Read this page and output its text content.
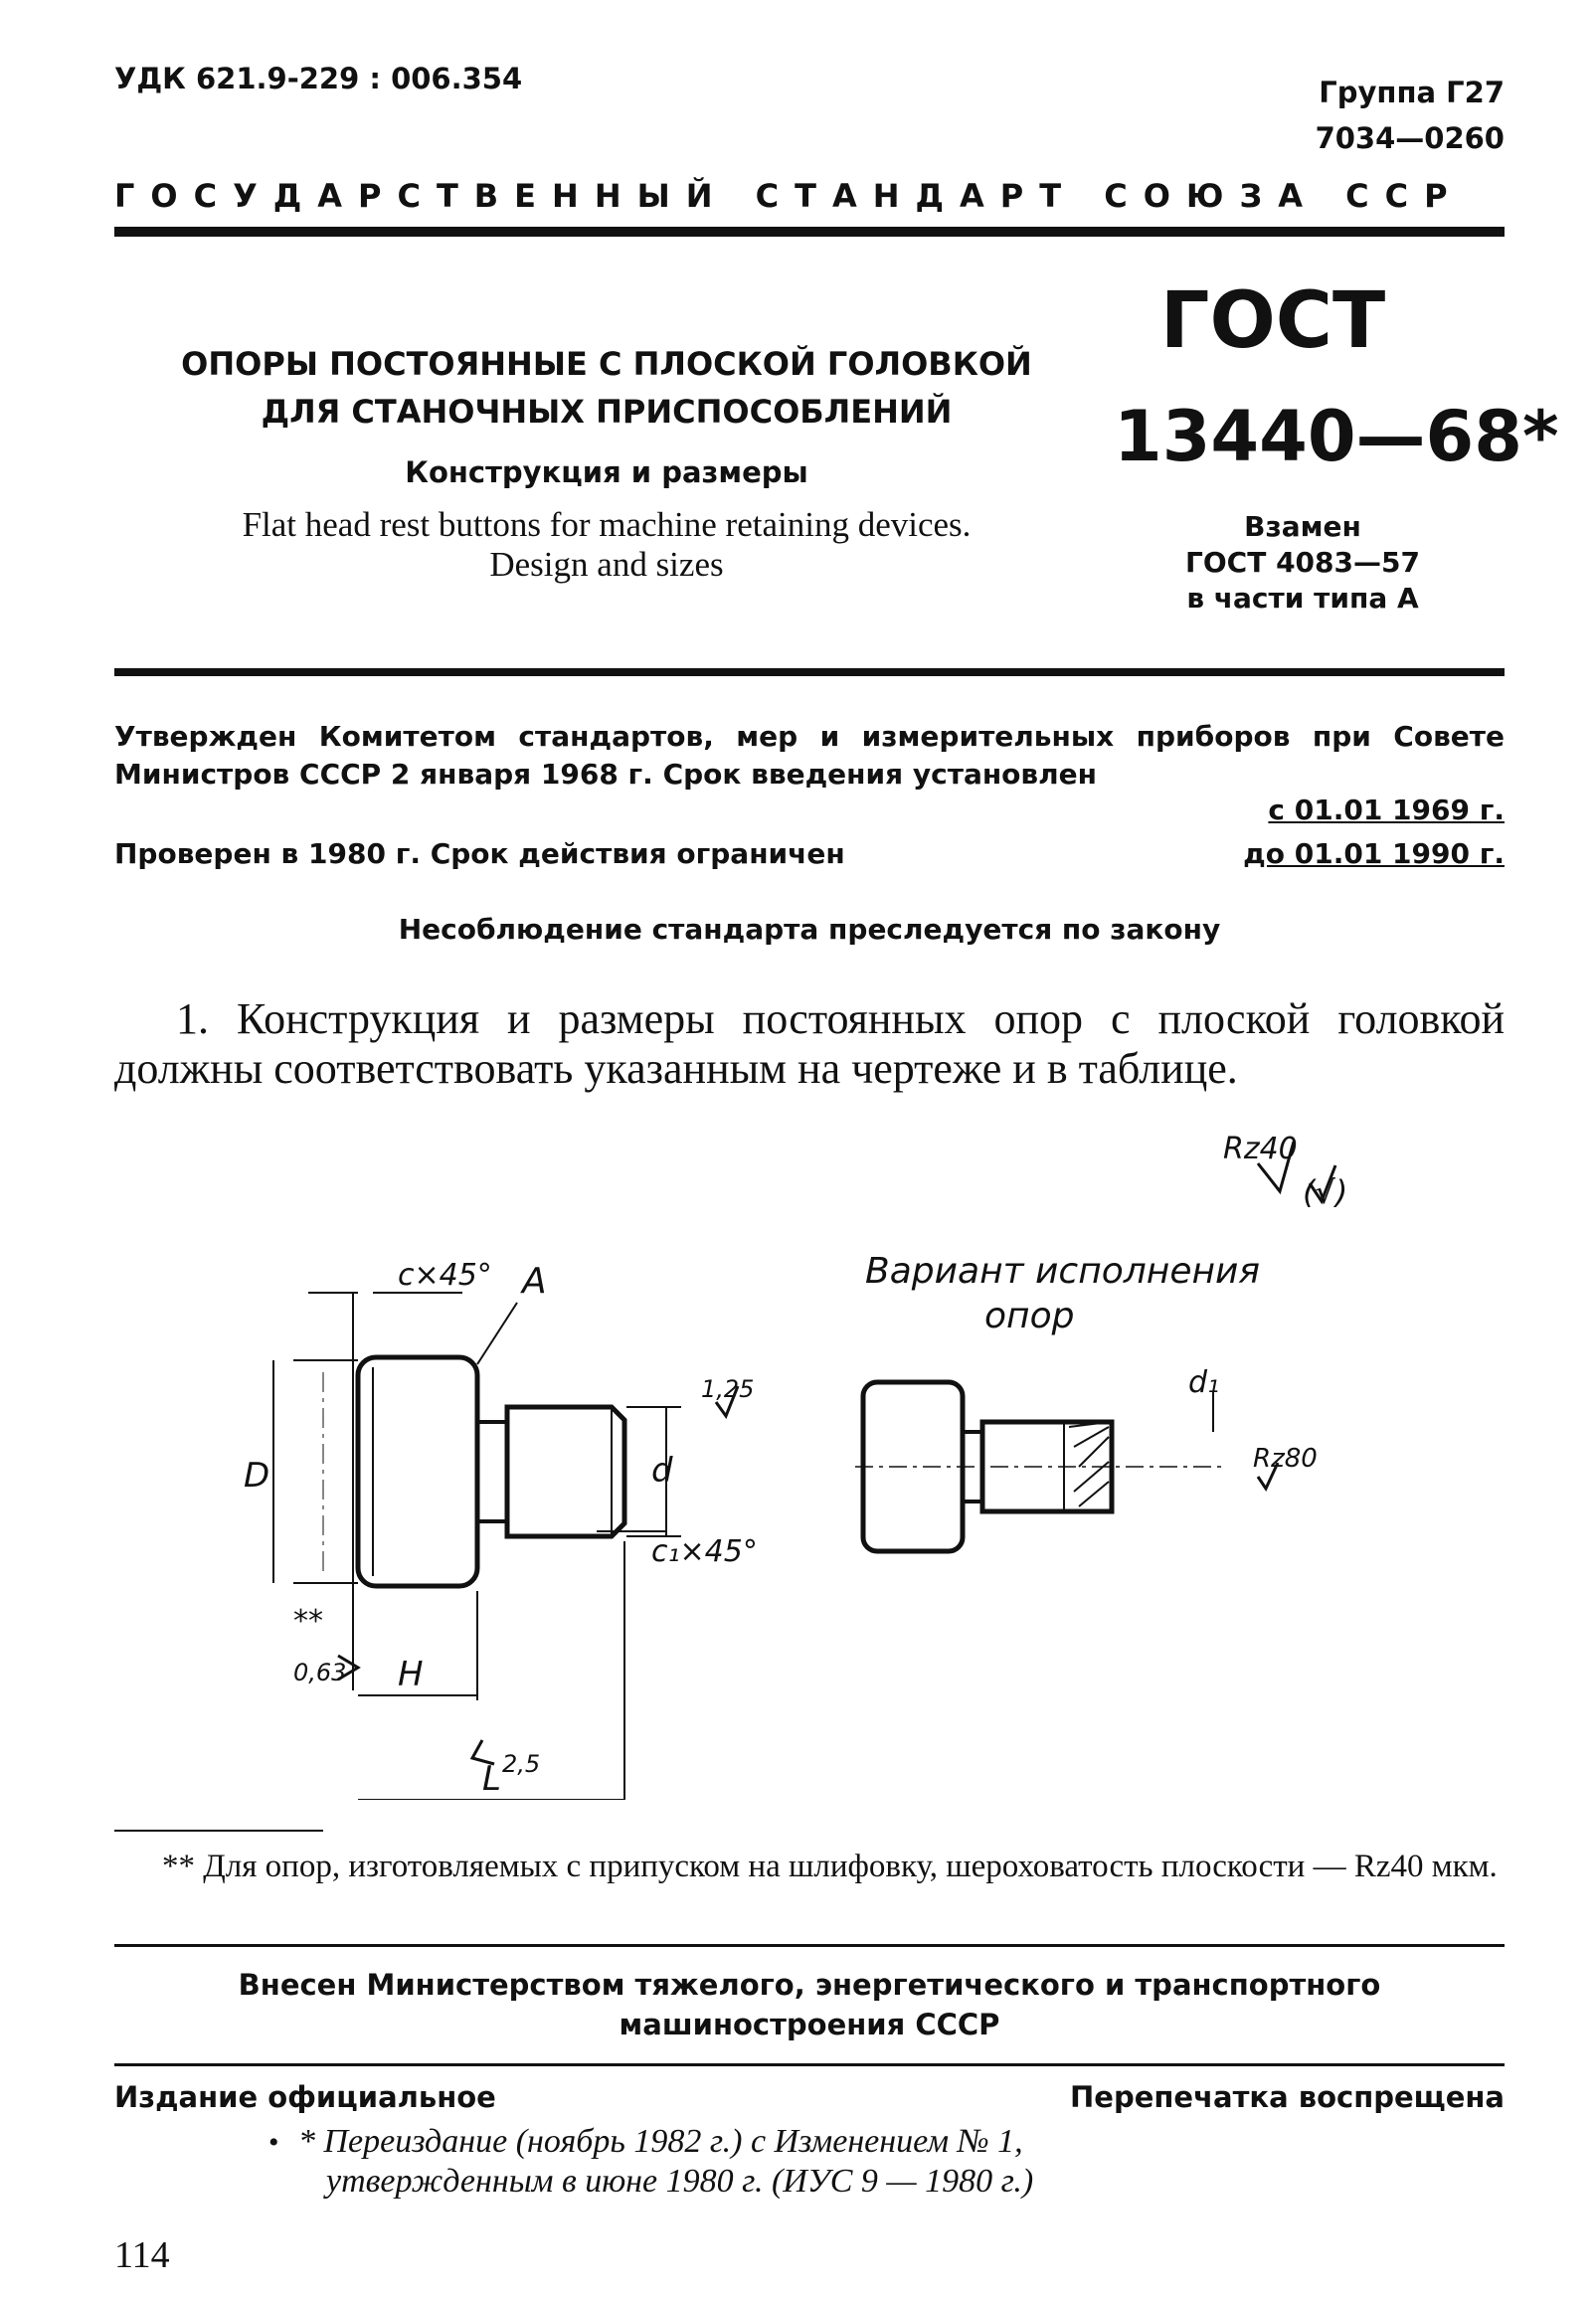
УДК 621.9-229 : 006.354	Группа Г27
7034—0260
ГОСУДАРСТВЕННЫЙ СТАНДАРТ СОЮЗА ССР
ОПОРЫ ПОСТОЯННЫЕ С ПЛОСКОЙ ГОЛОВКОЙ
ДЛЯ СТАНОЧНЫХ ПРИСПОСОБЛЕНИЙ
Конструкция и размеры
Flat head rest buttons for machine retaining devices.
Design and sizes
ГОСТ
13440—68*
Взамен
ГОСТ 4083—57
в части типа А
Утвержден Комитетом стандартов, мер и измерительных приборов при Совете Министров СССР 2 января 1968 г. Срок введения установлен
с 01.01 1969 г.
Проверен в 1980 г. Срок действия ограничен	до 01.01 1990 г.
Несоблюдение стандарта преследуется по закону
1. Конструкция и размеры постоянных опор с плоской головкой должны соответствовать указанным на чертеже и в таблице.
Rz40
(√)
Вариант исполнения
опор
c×45° A
D
H
L
d
d₁
c₁×45°
1,25
0,63
2,5
Rz80
**
** Для опор, изготовляемых с припуском на шлифовку, шероховатость плоскости — Rz40 мкм.
Внесен Министерством тяжелого, энергетического и транспортного
машиностроения СССР
Издание официальное	Перепечатка воспрещена
• * Переиздание (ноябрь 1982 г.) с Изменением № 1,
утвержденным в июне 1980 г. (ИУС 9 — 1980 г.)
114
